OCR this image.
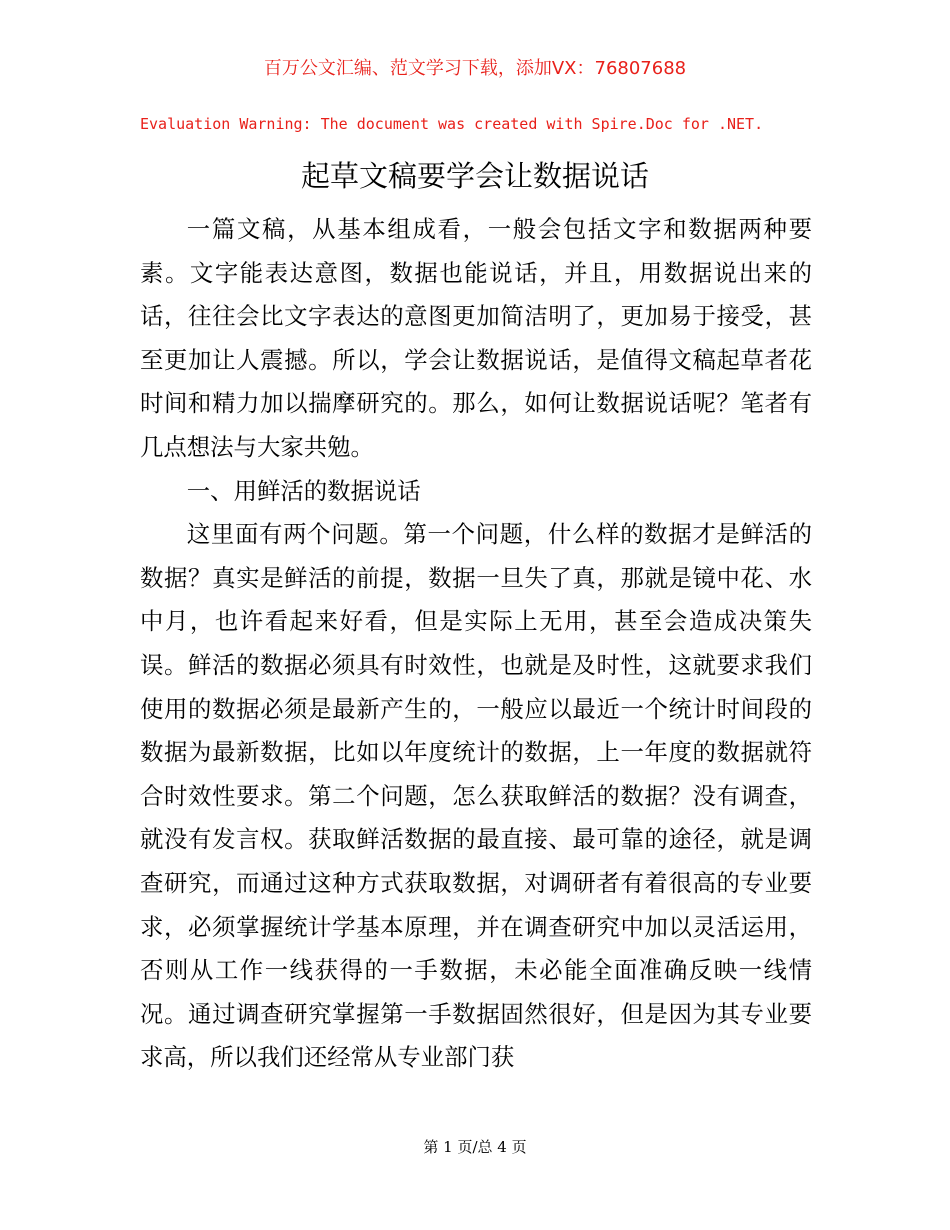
百万公文汇编、范文学习下载，添加VX：76807688
Evaluation Warning: The document was created with Spire.Doc for .NET.
起草文稿要学会让数据说话

一篇文稿，从基本组成看，一般会包括文字和数据两种要素。文字能表达意图，数据也能说话，并且，用数据说出来的话，往往会比文字表达的意图更加简洁明了，更加易于接受，甚至更加让人震撼。所以，学会让数据说话，是值得文稿起草者花时间和精力加以揣摩研究的。那么，如何让数据说话呢？笔者有几点想法与大家共勉。

一、用鲜活的数据说话

这里面有两个问题。第一个问题，什么样的数据才是鲜活的数据？真实是鲜活的前提，数据一旦失了真，那就是镜中花、水中月，也许看起来好看，但是实际上无用，甚至会造成决策失误。鲜活的数据必须具有时效性，也就是及时性，这就要求我们使用的数据必须是最新产生的，一般应以最近一个统计时间段的数据为最新数据，比如以年度统计的数据，上一年度的数据就符合时效性要求。第二个问题，怎么获取鲜活的数据？没有调查，就没有发言权。获取鲜活数据的最直接、最可靠的途径，就是调查研究，而通过这种方式获取数据，对调研者有着很高的专业要求，必须掌握统计学基本原理，并在调查研究中加以灵活运用，否则从工作一线获得的一手数据，未必能全面准确反映一线情况。通过调查研究掌握第一手数据固然很好，但是因为其专业要求高，所以我们还经常从专业部门获

第 1 页/总 4 页
